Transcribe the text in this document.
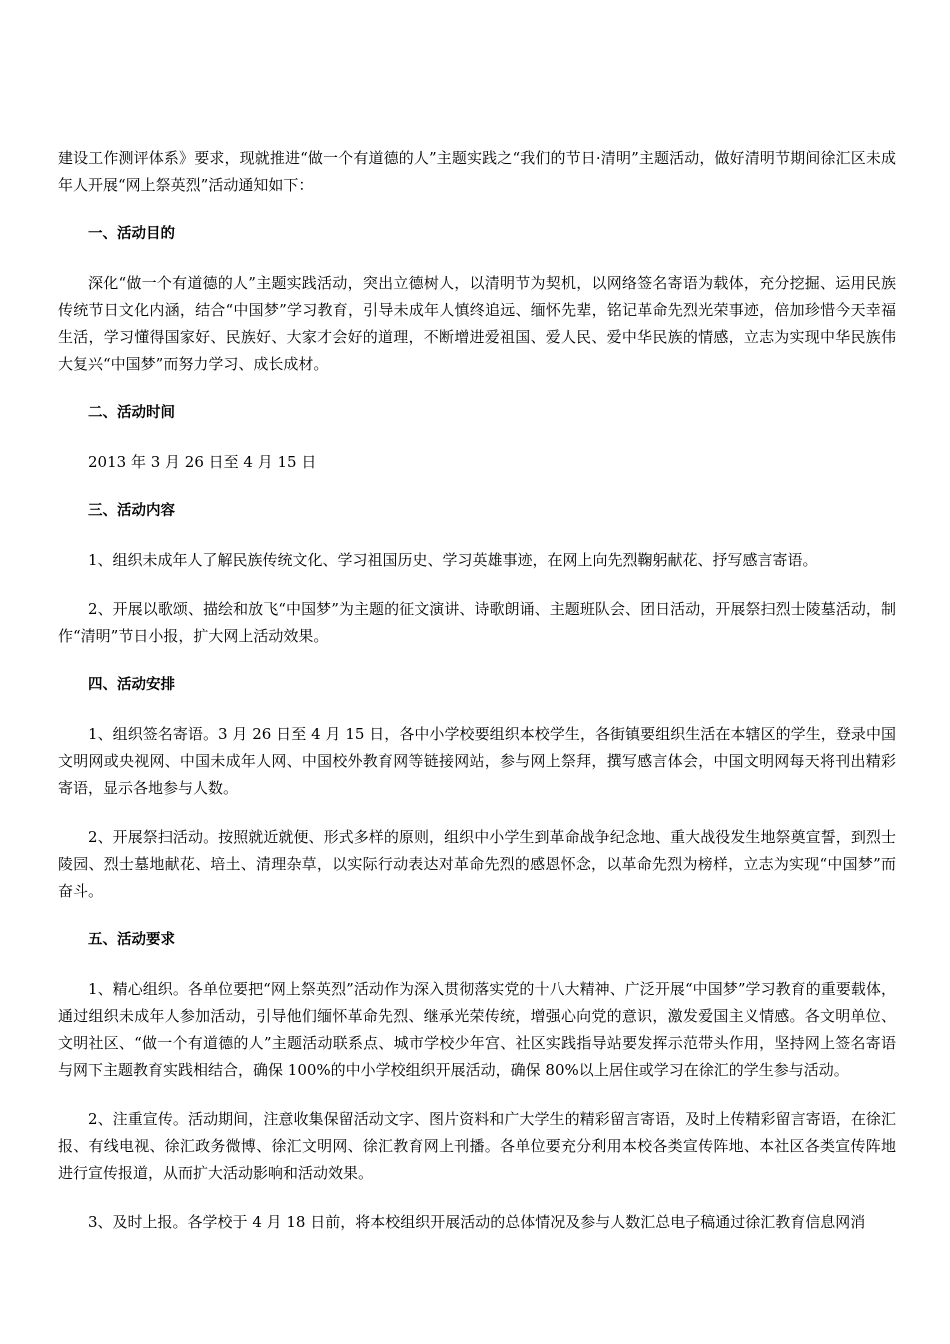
建设工作测评体系》要求，现就推进“做一个有道德的人”主题实践之“我们的节日·清明”主题活动，做好清明节期间徐汇区未成年人开展“网上祭英烈”活动通知如下：

一、活动目的

深化“做一个有道德的人”主题实践活动，突出立德树人，以清明节为契机，以网络签名寄语为载体，充分挖掘、运用民族传统节日文化内涵，结合“中国梦”学习教育，引导未成年人慎终追远、缅怀先辈，铭记革命先烈光荣事迹，倍加珍惜今天幸福生活，学习懂得国家好、民族好、大家才会好的道理，不断增进爱祖国、爱人民、爱中华民族的情感，立志为实现中华民族伟大复兴“中国梦”而努力学习、成长成材。

二、活动时间

2013 年 3 月 26 日至 4 月 15 日

三、活动内容

1、组织未成年人了解民族传统文化、学习祖国历史、学习英雄事迹，在网上向先烈鞠躬献花、抒写感言寄语。

2、开展以歌颂、描绘和放飞“中国梦”为主题的征文演讲、诗歌朗诵、主题班队会、团日活动，开展祭扫烈士陵墓活动，制作“清明”节日小报，扩大网上活动效果。

四、活动安排

1、组织签名寄语。3 月 26 日至 4 月 15 日，各中小学校要组织本校学生，各街镇要组织生活在本辖区的学生，登录中国文明网或央视网、中国未成年人网、中国校外教育网等链接网站，参与网上祭拜，撰写感言体会，中国文明网每天将刊出精彩寄语，显示各地参与人数。

2、开展祭扫活动。按照就近就便、形式多样的原则，组织中小学生到革命战争纪念地、重大战役发生地祭奠宣誓，到烈士陵园、烈士墓地献花、培土、清理杂草，以实际行动表达对革命先烈的感恩怀念，以革命先烈为榜样，立志为实现“中国梦”而奋斗。

五、活动要求

1、精心组织。各单位要把“网上祭英烈”活动作为深入贯彻落实党的十八大精神、广泛开展“中国梦”学习教育的重要载体，通过组织未成年人参加活动，引导他们缅怀革命先烈、继承光荣传统，增强心向党的意识，激发爱国主义情感。各文明单位、文明社区、“做一个有道德的人”主题活动联系点、城市学校少年宫、社区实践指导站要发挥示范带头作用，坚持网上签名寄语与网下主题教育实践相结合，确保 100%的中小学校组织开展活动，确保 80%以上居住或学习在徐汇的学生参与活动。

2、注重宣传。活动期间，注意收集保留活动文字、图片资料和广大学生的精彩留言寄语，及时上传精彩留言寄语，在徐汇报、有线电视、徐汇政务微博、徐汇文明网、徐汇教育网上刊播。各单位要充分利用本校各类宣传阵地、本社区各类宣传阵地进行宣传报道，从而扩大活动影响和活动效果。

3、及时上报。各学校于 4 月 18 日前，将本校组织开展活动的总体情况及参与人数汇总电子稿通过徐汇教育信息网消
